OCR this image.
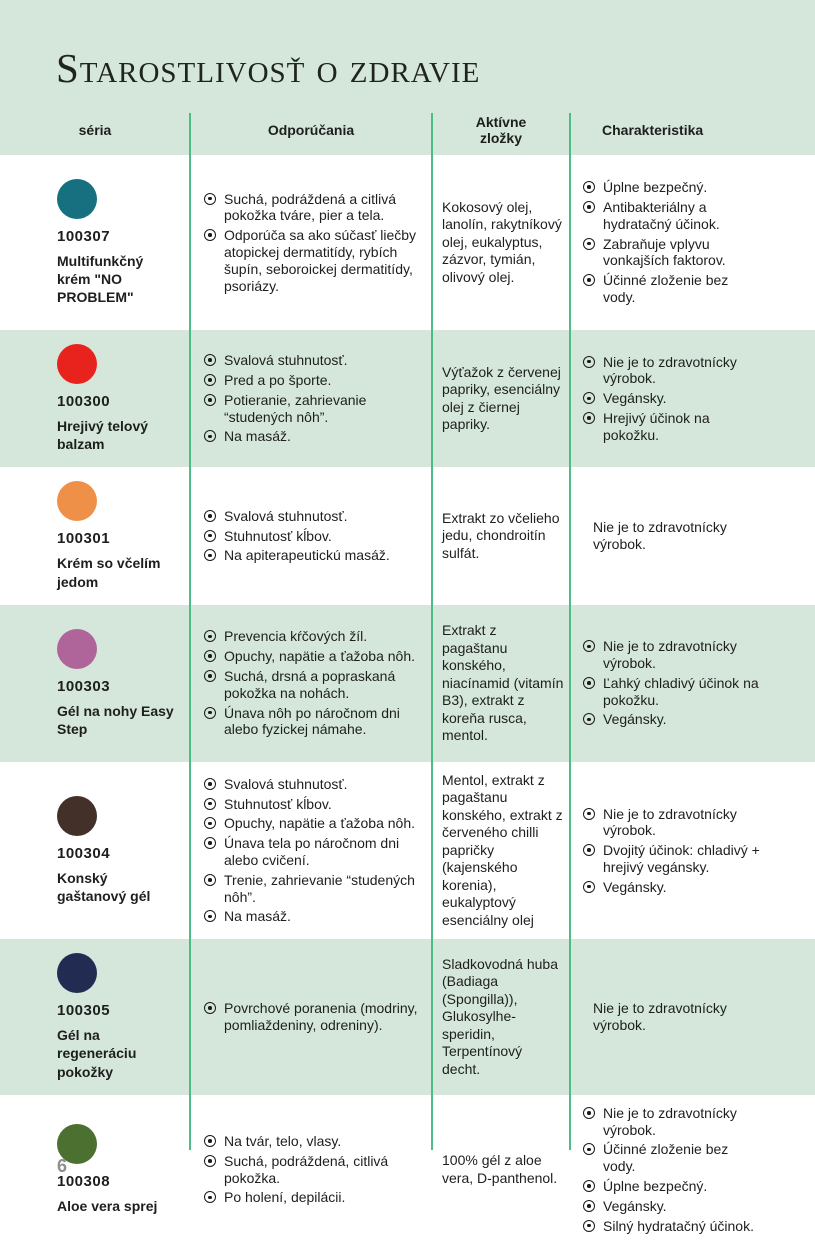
Starostlivosť o zdravie
séria	Odporúčania
Aktívne zložky
Charakteristika
100307
Multifunkčný krém "NO PROBLEM"
Suchá, podráždená a citlivá pokožka tváre, pier a tela.
Odporúča sa ako súčasť liečby atopickej dermatitídy, rybích šupín, seboroickej dermatitídy, psoriázy.

Kokosový olej, lanolín, rakytníkový olej, eukalyptus, zázvor, tymián, olivový olej.

Úplne bezpečný.
Antibakteriálny a hydratačný účinok.
Zabraňuje vplyvu vonkajších faktorov.
Účinné zloženie bez vody.
100300
Hrejivý telový balzam
Svalová stuhnutosť.
Pred a po športe.
Potieranie, zahrievanie “studených nôh”.
Na masáž.

Výťažok z červenej papriky, esenciálny olej z čiernej papriky.

Nie je to zdravotnícky výrobok.
Vegánsky.
Hrejivý účinok na pokožku.
100301
Krém so včelím jedom
Svalová stuhnutosť.
Stuhnutosť kĺbov.
Na apiterapeutickú masáž.

Extrakt zo včelieho jedu, chondroitín sulfát.

Nie je to zdravotnícky výrobok.

100303
Gél na nohy Easy Step
Prevencia kŕčových žíl.
Opuchy, napätie a ťažoba nôh.
Suchá, drsná a popraskaná pokožka na nohách.
Únava nôh po náročnom dni alebo fyzickej námahe.

Extrakt z pagaštanu konského, niacínamid (vitamín B3), extrakt z koreňa rusca, mentol.

Nie je to zdravotnícky výrobok.
Ľahký chladivý účinok na pokožku.
Vegánsky.
100304
Konský gaštanový gél
Svalová stuhnutosť.
Stuhnutosť kĺbov.
Opuchy, napätie a ťažoba nôh.
Únava tela po náročnom dni alebo cvičení.
Trenie, zahrievanie “studených nôh”.
Na masáž.

Mentol, extrakt z pagaštanu konského, extrakt z červeného chilli papričky (kajenského korenia), eukalyptový esenciálny olej

Nie je to zdravotnícky výrobok.
Dvojitý účinok: chladivý + hrejivý vegánsky.
Vegánsky.
100305
Gél na regeneráciu pokožky
Povrchové poranenia (modriny, pomliaždeniny, odreniny).

Sladkovodná huba (Badiaga (Spongilla)), Glukosylhe-speridin, Terpentínový decht.

Nie je to zdravotnícky výrobok.

100308
Aloe vera sprej
Na tvár, telo, vlasy.
Suchá, podráždená, citlivá pokožka.
Po holení, depilácii.

100% gél z aloe vera, D-panthenol.

Nie je to zdravotnícky výrobok.
Účinné zloženie bez vody.
Úplne bezpečný.
Vegánsky.
Silný hydratačný účinok.
6
